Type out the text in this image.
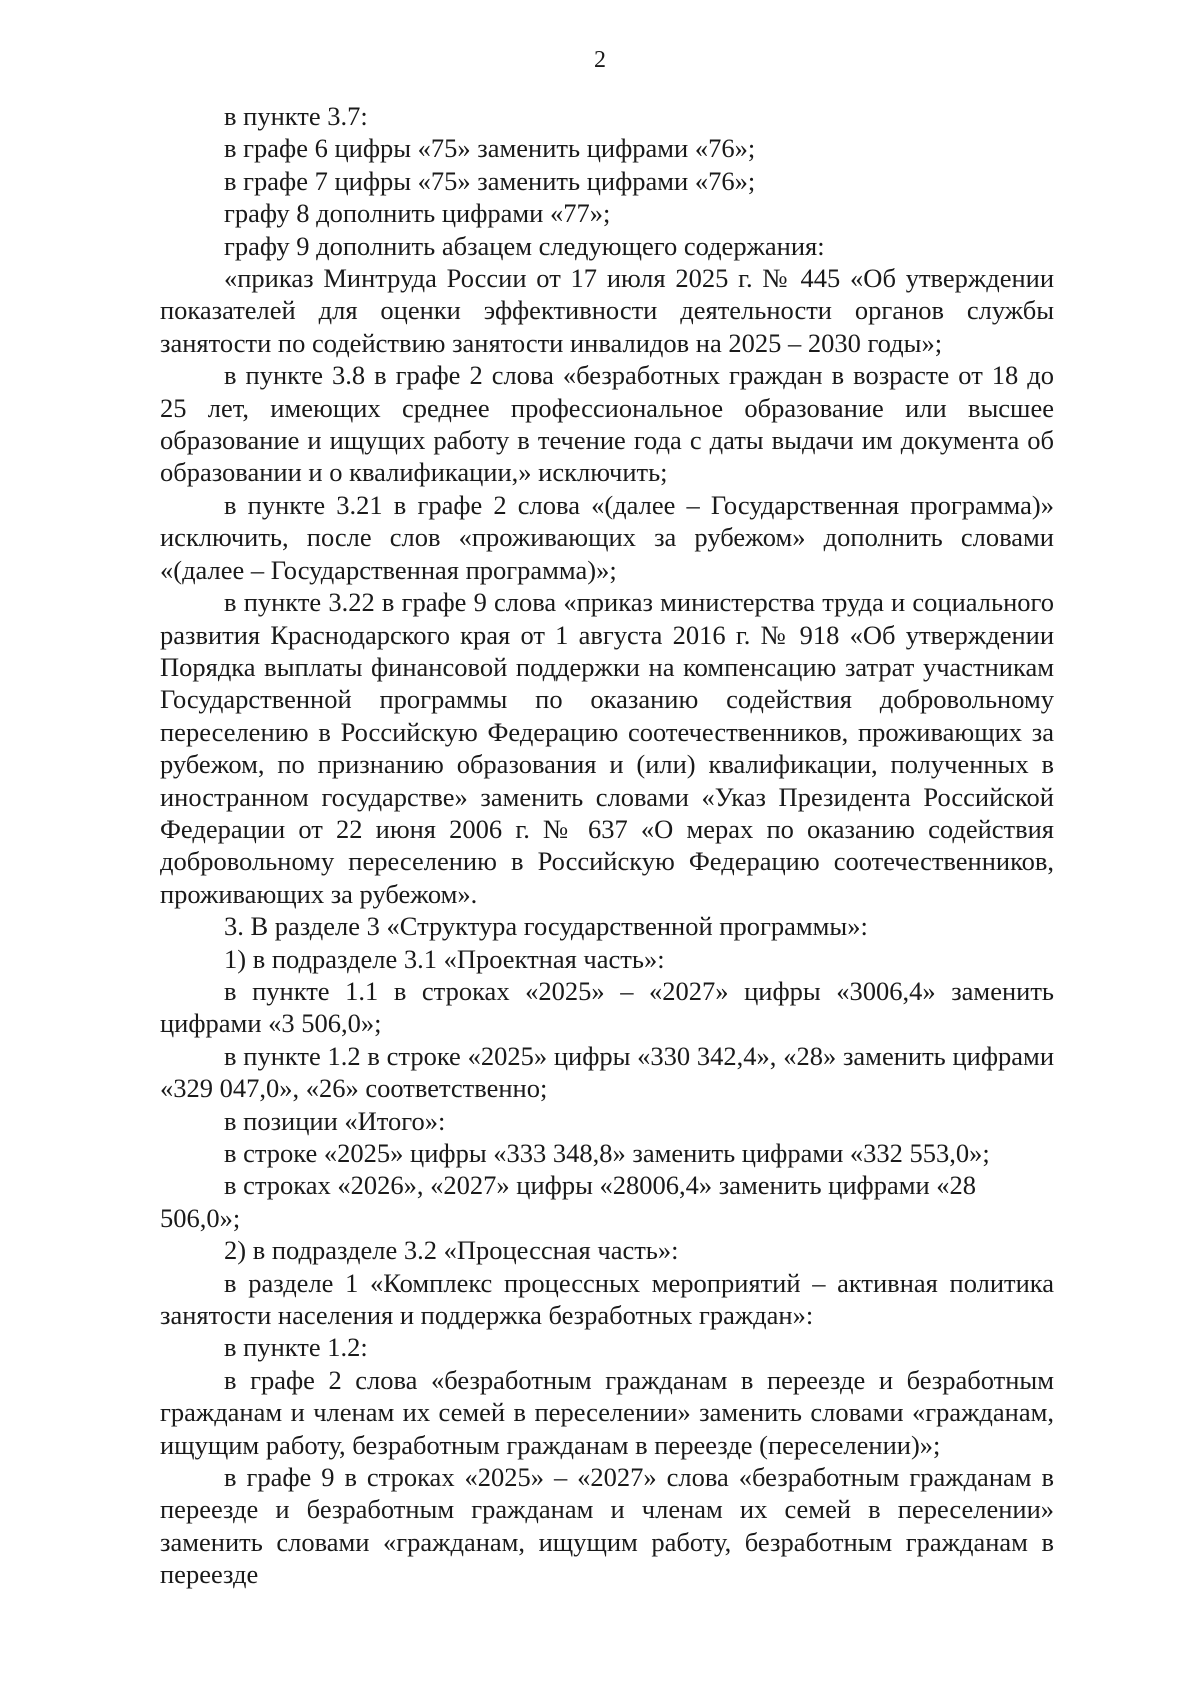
2

в пункте 3.7:

в графе 6 цифры «75» заменить цифрами «76»;

в графе 7 цифры «75» заменить цифрами «76»;

графу 8 дополнить цифрами «77»;

графу 9 дополнить абзацем следующего содержания:

«приказ Минтруда России от 17 июля 2025 г. № 445 «Об утверждении показателей для оценки эффективности деятельности органов службы занятости по содействию занятости инвалидов на 2025 – 2030 годы»;

в пункте 3.8 в графе 2 слова «безработных граждан в возрасте от 18 до 25 лет, имеющих среднее профессиональное образование или высшее образование и ищущих работу в течение года с даты выдачи им документа об образовании и о квалификации,» исключить;

в пункте 3.21 в графе 2 слова «(далее – Государственная программа)» исключить, после слов «проживающих за рубежом» дополнить словами «(далее – Государственная программа)»;

в пункте 3.22 в графе 9 слова «приказ министерства труда и социального развития Краснодарского края от 1 августа 2016 г. № 918 «Об утверждении Порядка выплаты финансовой поддержки на компенсацию затрат участникам Государственной программы по оказанию содействия добровольному переселению в Российскую Федерацию соотечественников, проживающих за рубежом, по признанию образования и (или) квалификации, полученных в иностранном государстве» заменить словами «Указ Президента Российской Федерации от 22 июня 2006 г. № 637 «О мерах по оказанию содействия добровольному переселению в Российскую Федерацию соотечественников, проживающих за рубежом».

3. В разделе 3 «Структура государственной программы»:

1) в подразделе 3.1 «Проектная часть»:

в пункте 1.1 в строках «2025» – «2027» цифры «3006,4» заменить цифрами «3 506,0»;

в пункте 1.2 в строке «2025» цифры «330 342,4», «28» заменить цифрами «329 047,0», «26» соответственно;

в позиции «Итого»:

в строке «2025» цифры «333 348,8» заменить цифрами «332 553,0»;

в строках «2026», «2027» цифры «28006,4» заменить цифрами «28 506,0»;

2) в подразделе 3.2 «Процессная часть»:

в разделе 1 «Комплекс процессных мероприятий – активная политика занятости населения и поддержка безработных граждан»:

в пункте 1.2:

в графе 2 слова «безработным гражданам в переезде и безработным гражданам и членам их семей в переселении» заменить словами «гражданам, ищущим работу, безработным гражданам в переезде (переселении)»;

в графе 9 в строках «2025» – «2027» слова «безработным гражданам в переезде и безработным гражданам и членам их семей в переселении» заменить словами «гражданам, ищущим работу, безработным гражданам в переезде
